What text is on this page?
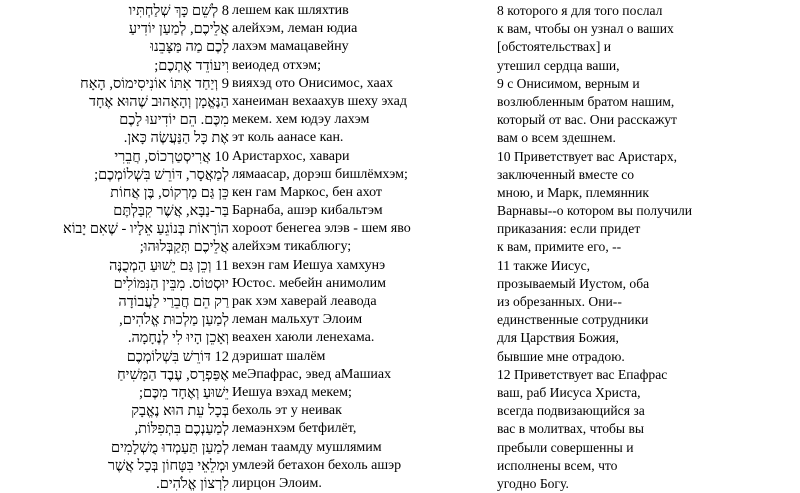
8 לְשֵׁם כָּךְ שְׁלַחְתִּיו
אֲלֵיכֶם, לְמַעַן יוֹדִיעַ
לָכֶם מַה מַּצָּבֵנוּ
וִיעוֹדֵד אֶתְכֶם;
9 וְיַחַד אִתּוֹ אוֹנִיסִימוֹס, הָאָח
הַנֶּאֱמָן וְהָאָהוּב שֶׁהוּא אֶחָד
מִכֶּם. הֵם יוֹדִיעוּ לָכֶם
אֶת כָּל הַנַּעֲשֶׂה כָּאן.
10 אֲרִיסְטַרְכוֹס, חֲבֵרִי
לְמַאֲסָר, דּוֹרֵשׁ בִּשְׁלוֹמְכֶם;
כֵּן גַּם מַרְקוֹס, בֶּן אֲחוֹת
בַּר-נַבָּא, אֲשֶׁר קִבַּלְתֶּם
הוֹרָאוֹת בְּנוֹגֵעַ אֵלָיו - שֶׁאִם יָבוֹא
אֲלֵיכֶם תְּקַבְּלוּהוּ;
11 וְכֵן גַּם יֵשׁוּעַ הַמְכֻנֶּה
יוּסְטוֹס. מִבֵּין הַנִּמּוֹלִים
רַק הֵם חֲבֵרַי לַעֲבוֹדָה
לְמַעַן מַלְכוּת אֱלֹהִים,
וְאָכֵן הָיוּ לִי לְנֶחָמָה.
12 דּוֹרֵשׁ בִּשְׁלוֹמְכֶם
אֶפַּפְרָס, עֶבֶד הַמָּשִׁיחַ
יֵשׁוּעַ וְאֶחָד מִכֶּם;
בְּכָל עֵת הוּא נֶאֱבָק
לְמַעַנְכֶם בִּתְפִלּוֹת,
לְמַעַן תַּעַמְדוּ מֻשְׁלָמִים
וּמְלֵאֵי בִּטָּחוֹן בְּכָל אֲשֶׁר
לִרְצוֹן אֱלֹהִים.
лешем как шляхтив
алейхэм, леман юдиа
лахэм мамацавейну
веиодед отхэм;
вияхэд ото Онисимос, хаах
ханеиман вехаахув шеху эхад
мекем. хем юдэу лахэм
эт коль аанасе кан.
Аристархос, хавари
лямаасар, дорэш бишлёмхэм;
кен гам Маркос, бен ахот
Барнаба, ашэр кибальтэм
хороот бенегеа элэв - шем яво
алейхэм тикаблюгу;
вехэн гам Иешуа хамхунэ
Юстос. мебейн анимолим
рак хэм хаверай леавода
леман мальхут Элоим
веахен хаюли ленехама.
дэришат шалём
меЭпафрас, эвед аМашиах
Иешуа вэхад мекем;
бехоль эт у неивак
лемаэнхэм бетфилёт,
леман таамду мушлямим
умлеэй бетахон бехоль ашэр
лирцон Элоим.
8 которого я для того послал
к вам, чтобы он узнал о ваших
[обстоятельствах] и
утешил сердца ваши,
9 с Онисимом, верным и
возлюбленным братом нашим,
который от вас. Они расскажут
вам о всем здешнем.
10 Приветствует вас Аристарх,
заключенный вместе со
мною, и Марк, племянник
Варнавы--о котором вы получили
приказания: если придет
к вам, примите его, --
11 также Иисус,
прозываемый Иустом, оба
из обрезанных. Они--
единственные сотрудники
для Царствия Божия,
бывшие мне отрадою.
12 Приветствует вас Епафрас
ваш, раб Иисуса Христа,
всегда подвизающийся за
вас в молитвах, чтобы вы
пребыли совершенны и
исполнены всем, что
угодно Богу.
